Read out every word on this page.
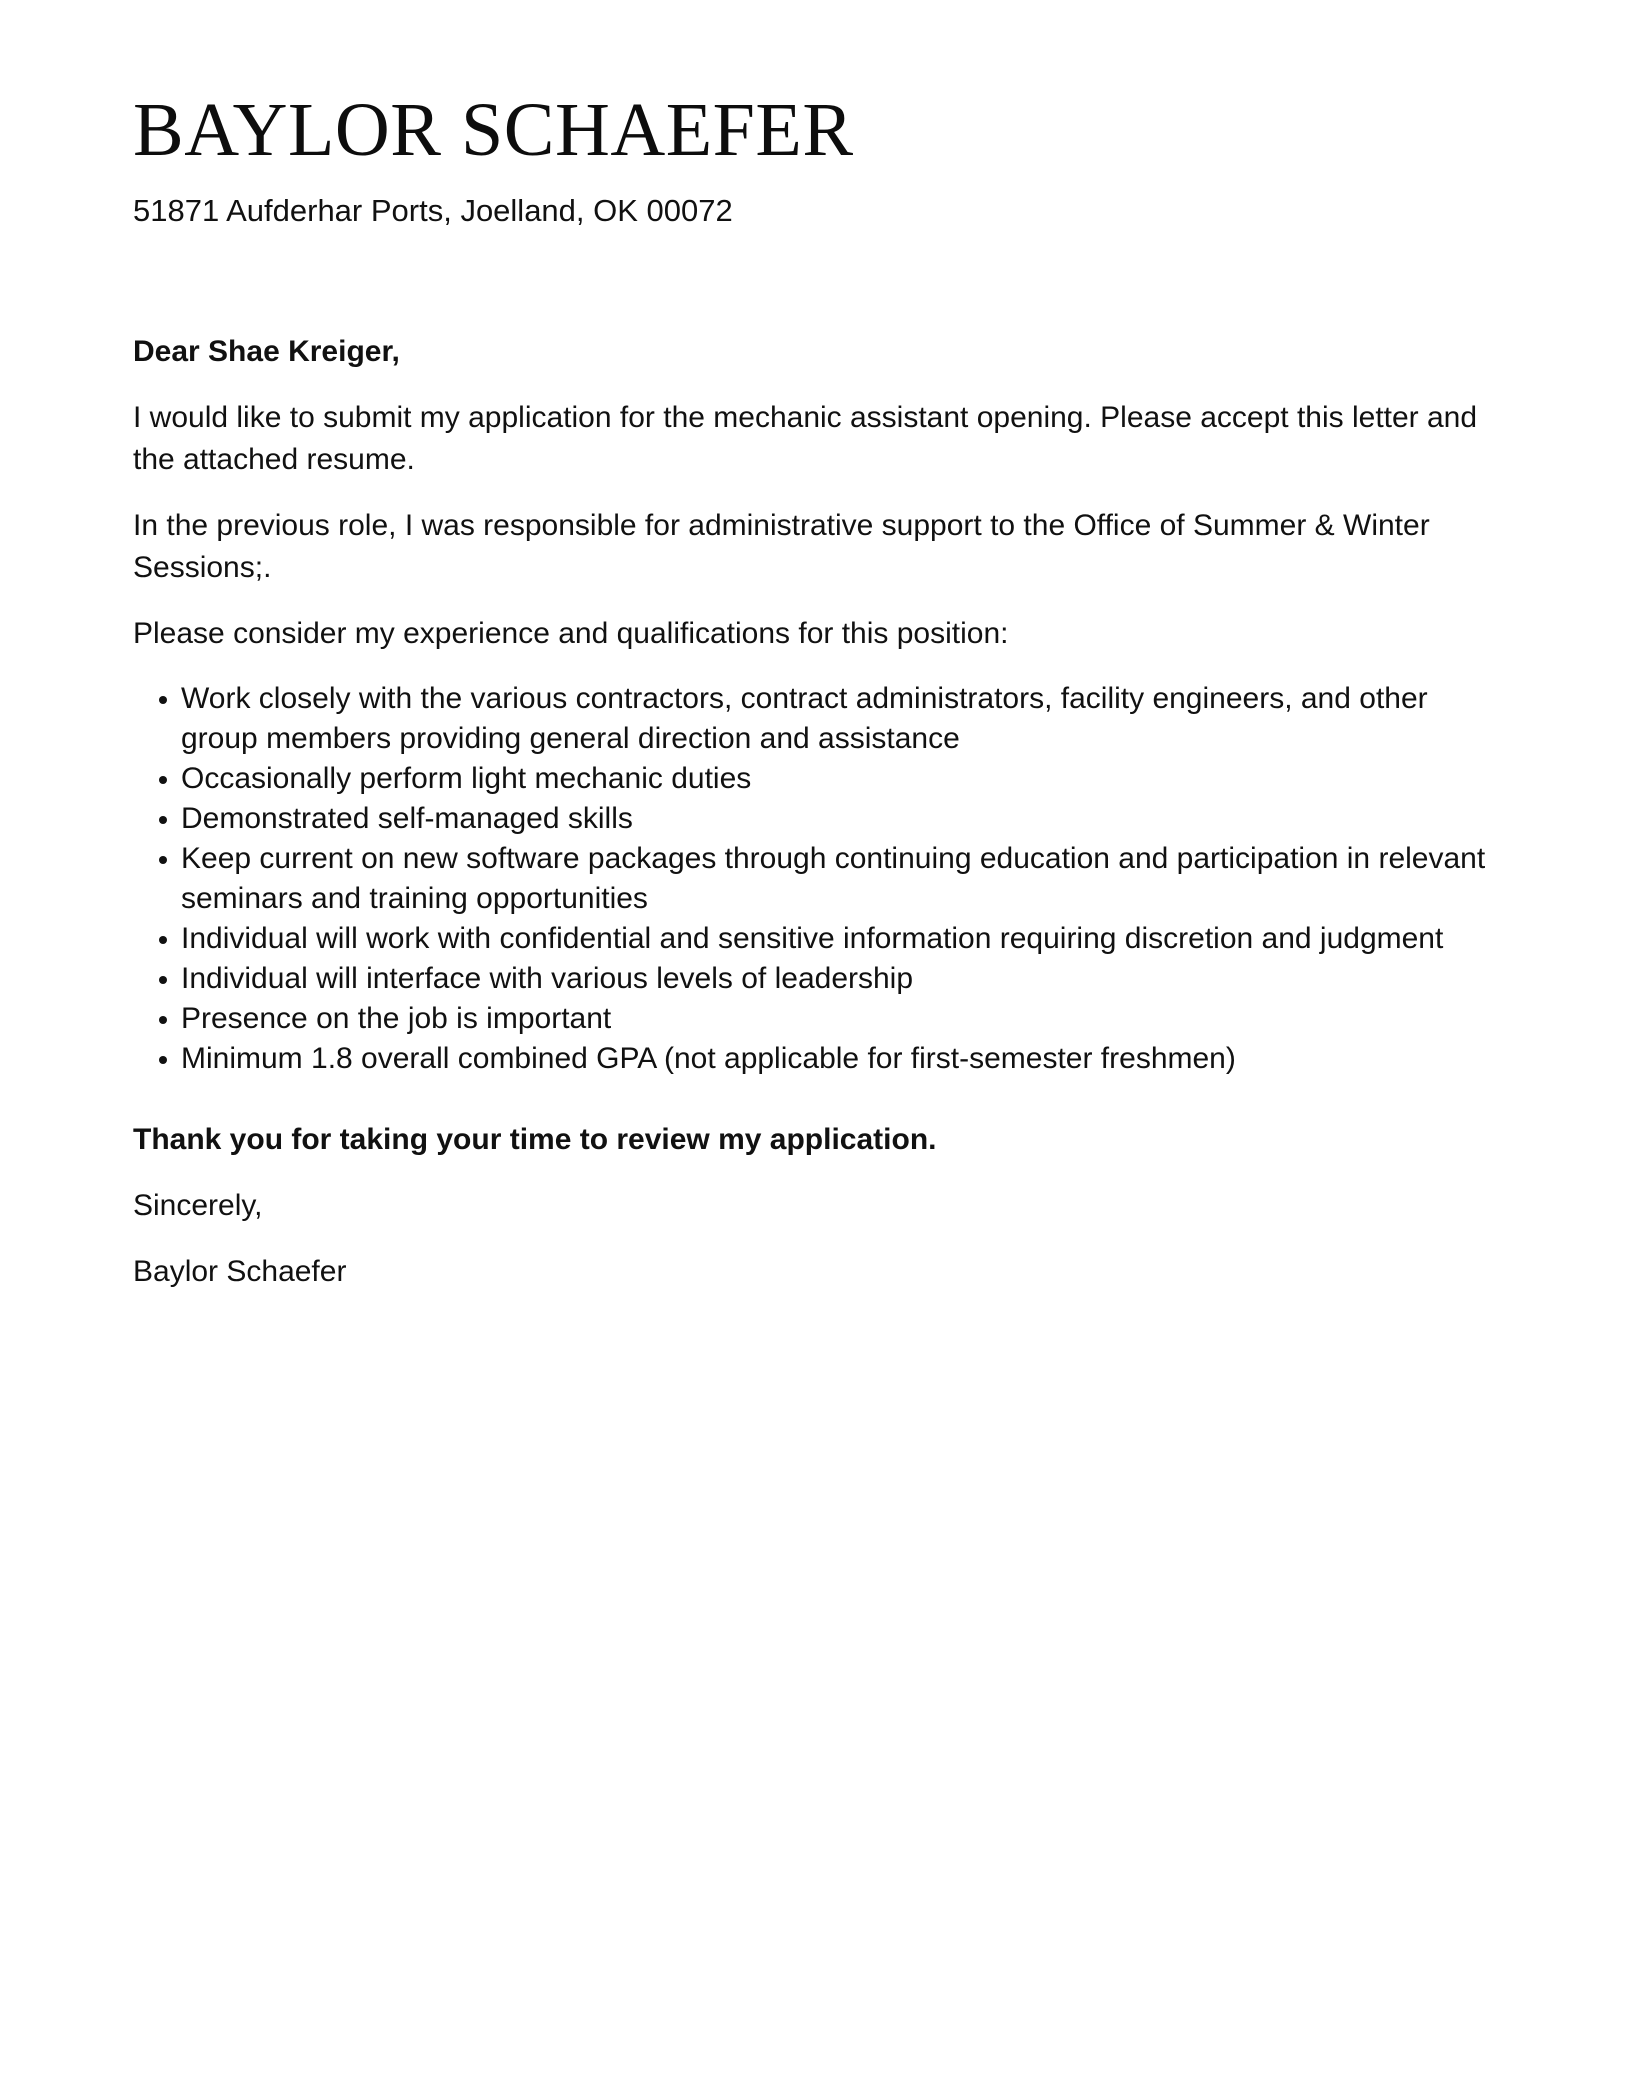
BAYLOR SCHAEFER

51871 Aufderhar Ports, Joelland, OK 00072

Dear Shae Kreiger,

I would like to submit my application for the mechanic assistant opening. Please accept this letter and the attached resume.

In the previous role, I was responsible for administrative support to the Office of Summer & Winter Sessions;.

Please consider my experience and qualifications for this position:

Work closely with the various contractors, contract administrators, facility engineers, and other group members providing general direction and assistance
Occasionally perform light mechanic duties
Demonstrated self-managed skills
Keep current on new software packages through continuing education and participation in relevant seminars and training opportunities
Individual will work with confidential and sensitive information requiring discretion and judgment
Individual will interface with various levels of leadership
Presence on the job is important
Minimum 1.8 overall combined GPA (not applicable for first-semester freshmen)

Thank you for taking your time to review my application.

Sincerely,

Baylor Schaefer
